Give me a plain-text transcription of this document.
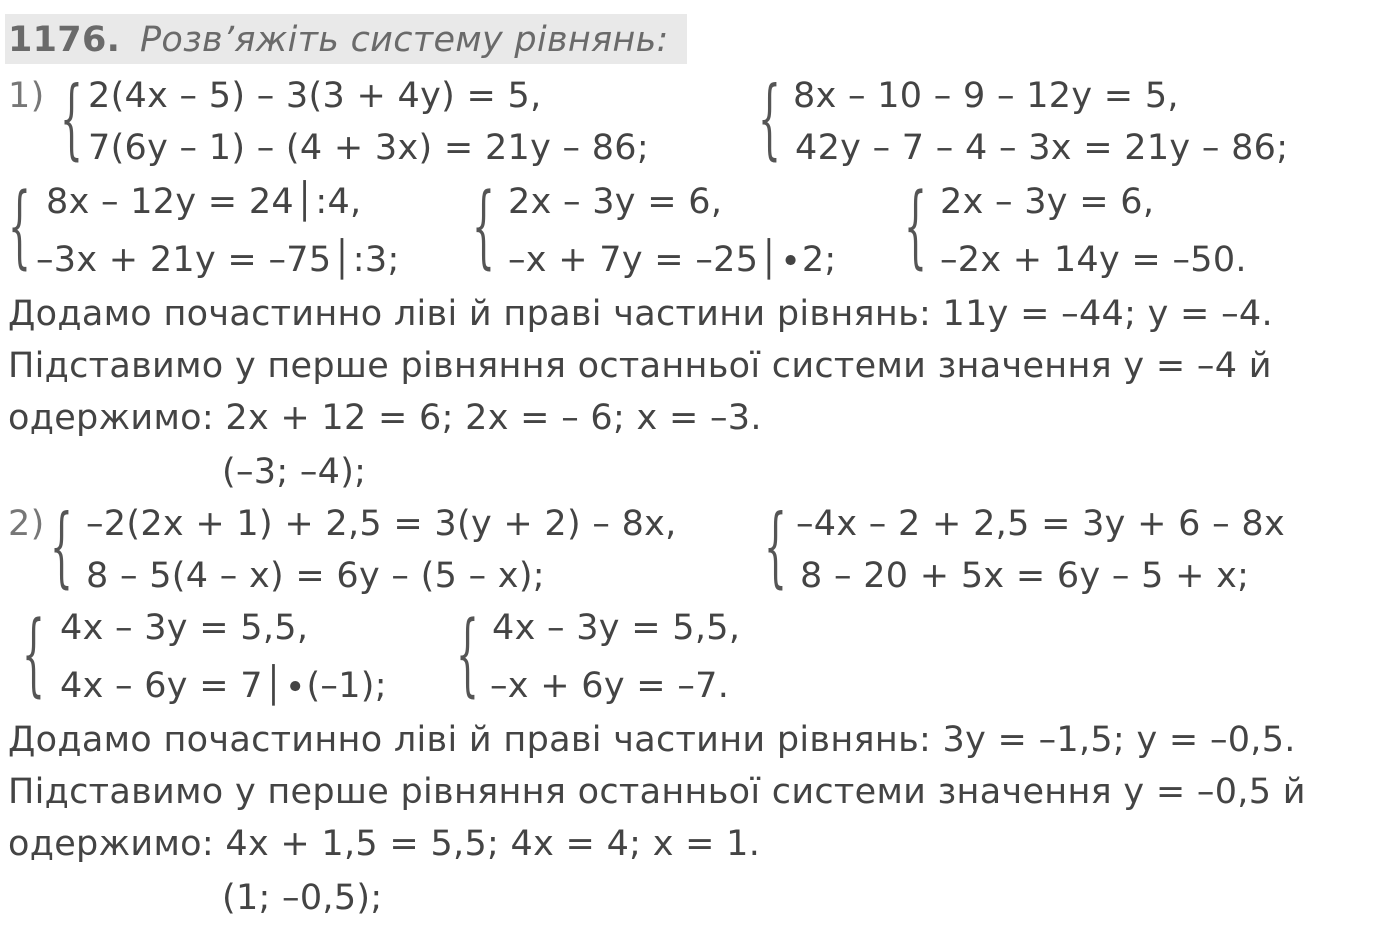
1176. Розв’яжіть систему рівнянь:
1) { 2(4x – 5) – 3(3 + 4y) = 5,
7(6y – 1) – (4 + 3x) = 21y – 86; { 8x – 10 – 9 – 12y = 5,
42y – 7 – 4 – 3x = 21y – 86;
{ 8x – 12y = 24│:4,
–3x + 21y = –75│:3; { 2x – 3y = 6,
–x + 7y = –25│∙2; { 2x – 3y = 6,
–2x + 14y = –50.
Додамо почастинно ліві й праві частини рівнянь: 11y = –44; y = –4.
Підставимо у перше рівняння останньої системи значення y = –4 й
одержимо: 2x + 12 = 6; 2x = – 6; x = –3.
(–3; –4);
2) { –2(2x + 1) + 2,5 = 3(y + 2) – 8x,
8 – 5(4 – x) = 6y – (5 – x);	{ –4x – 2 + 2,5 = 3y + 6 – 8x
8 – 20 + 5x = 6y – 5 + x;
{ 4x – 3y = 5,5,
4x – 6y = 7│∙(–1); { 4x – 3y = 5,5,
–x + 6y = –7.
Додамо почастинно ліві й праві частини рівнянь: 3y = –1,5; y = –0,5.
Підставимо у перше рівняння останньої системи значення y = –0,5 й
одержимо: 4x + 1,5 = 5,5; 4x = 4; x = 1.
(1; –0,5);
